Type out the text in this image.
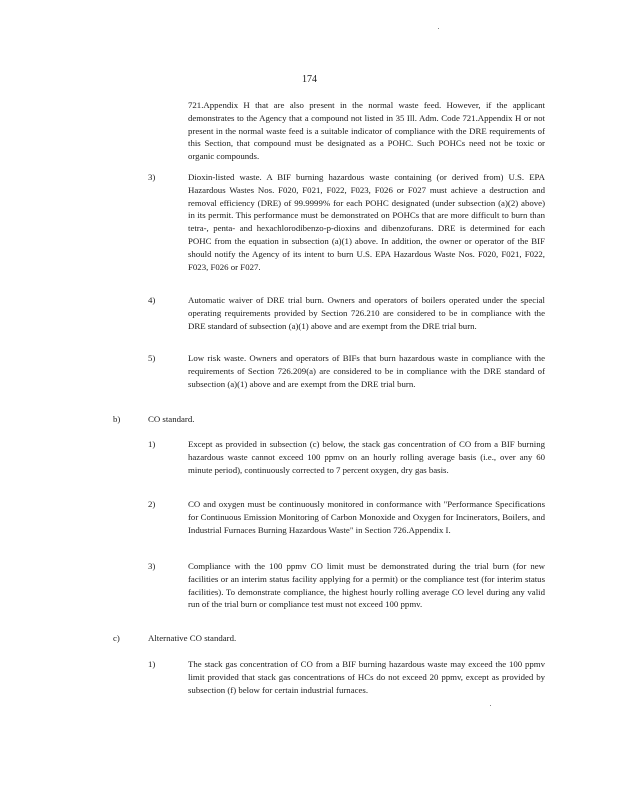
174
721.Appendix H that are also present in the normal waste feed. However, if the applicant demonstrates to the Agency that a compound not listed in 35 Ill. Adm. Code 721.Appendix H or not present in the normal waste feed is a suitable indicator of compliance with the DRE requirements of this Section, that compound must be designated as a POHC. Such POHCs need not be toxic or organic compounds.
3)	Dioxin-listed waste. A BIF burning hazardous waste containing (or derived from) U.S. EPA Hazardous Wastes Nos. F020, F021, F022, F023, F026 or F027 must achieve a destruction and removal efficiency (DRE) of 99.9999% for each POHC designated (under subsection (a)(2) above) in its permit. This performance must be demonstrated on POHCs that are more difficult to burn than tetra-, penta- and hexachlorodibenzo-p-dioxins and dibenzofurans. DRE is determined for each POHC from the equation in subsection (a)(1) above. In addition, the owner or operator of the BIF should notify the Agency of its intent to burn U.S. EPA Hazardous Waste Nos. F020, F021, F022, F023, F026 or F027.
4)	Automatic waiver of DRE trial burn. Owners and operators of boilers operated under the special operating requirements provided by Section 726.210 are considered to be in compliance with the DRE standard of subsection (a)(1) above and are exempt from the DRE trial burn.
5)	Low risk waste. Owners and operators of BIFs that burn hazardous waste in compliance with the requirements of Section 726.209(a) are considered to be in compliance with the DRE standard of subsection (a)(1) above and are exempt from the DRE trial burn.
b)	CO standard.
1)	Except as provided in subsection (c) below, the stack gas concentration of CO from a BIF burning hazardous waste cannot exceed 100 ppmv on an hourly rolling average basis (i.e., over any 60 minute period), continuously corrected to 7 percent oxygen, dry gas basis.
2)	CO and oxygen must be continuously monitored in conformance with "Performance Specifications for Continuous Emission Monitoring of Carbon Monoxide and Oxygen for Incinerators, Boilers, and Industrial Furnaces Burning Hazardous Waste" in Section 726.Appendix I.
3)	Compliance with the 100 ppmv CO limit must be demonstrated during the trial burn (for new facilities or an interim status facility applying for a permit) or the compliance test (for interim status facilities). To demonstrate compliance, the highest hourly rolling average CO level during any valid run of the trial burn or compliance test must not exceed 100 ppmv.
c)	Alternative CO standard.
1)	The stack gas concentration of CO from a BIF burning hazardous waste may exceed the 100 ppmv limit provided that stack gas concentrations of HCs do not exceed 20 ppmv, except as provided by subsection (f) below for certain industrial furnaces.
